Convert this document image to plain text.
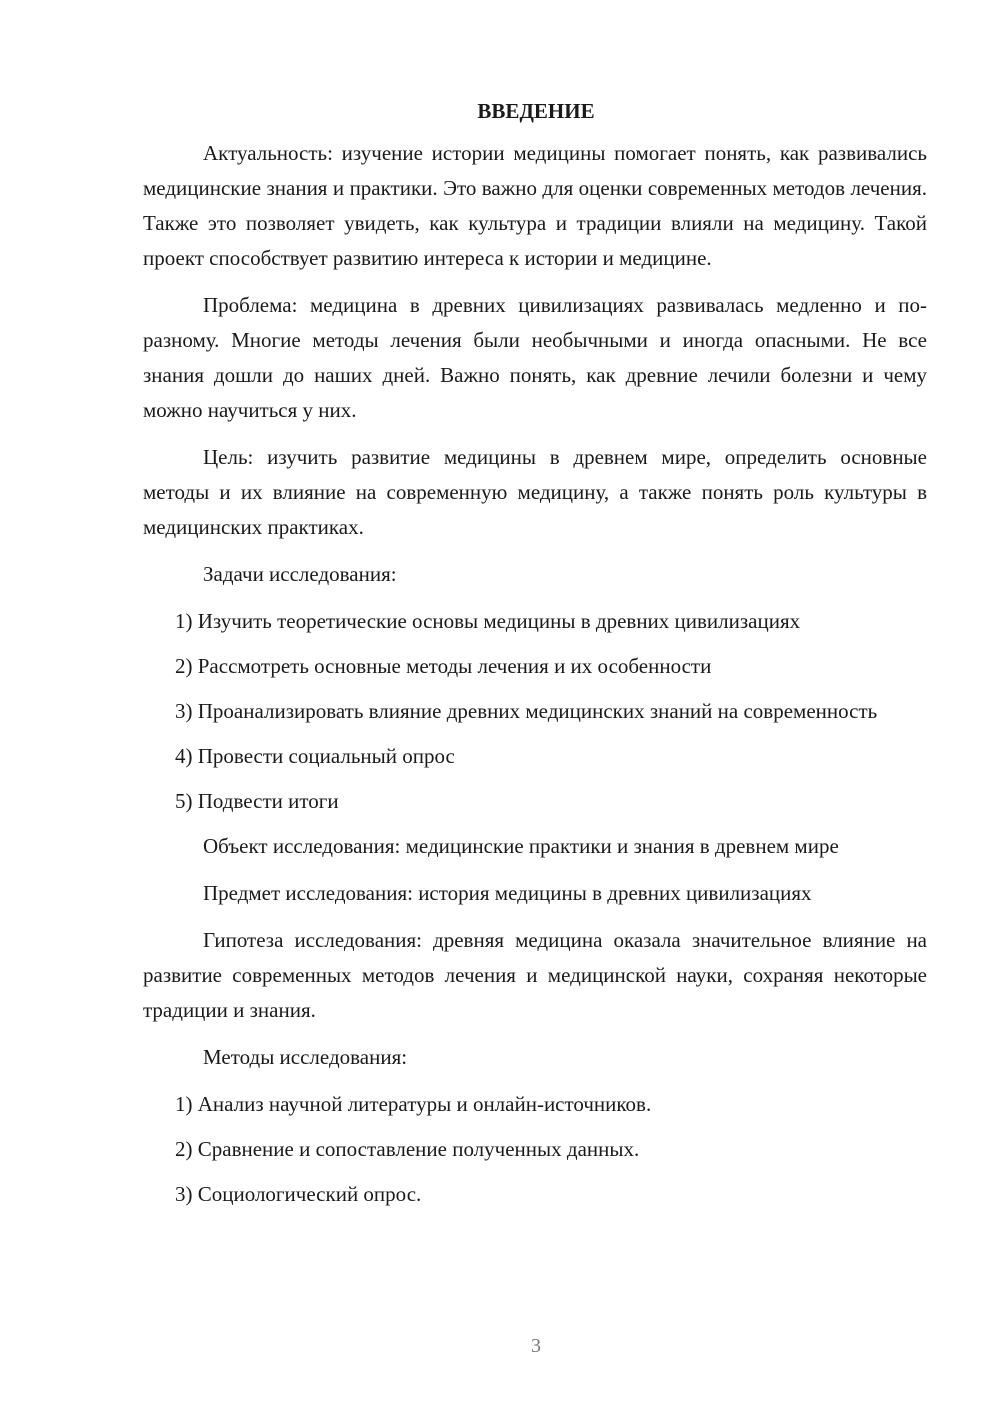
ВВЕДЕНИЕ

Актуальность: изучение истории медицины помогает понять, как развивались медицинские знания и практики. Это важно для оценки современных методов лечения. Также это позволяет увидеть, как культура и традиции влияли на медицину. Такой проект способствует развитию интереса к истории и медицине.

Проблема: медицина в древних цивилизациях развивалась медленно и по-разному. Многие методы лечения были необычными и иногда опасными. Не все знания дошли до наших дней. Важно понять, как древние лечили болезни и чему можно научиться у них.

Цель: изучить развитие медицины в древнем мире, определить основные методы и их влияние на современную медицину, а также понять роль культуры в медицинских практиках.

Задачи исследования:

1) Изучить теоретические основы медицины в древних цивилизациях

2) Рассмотреть основные методы лечения и их особенности

3) Проанализировать влияние древних медицинских знаний на современность

4) Провести социальный опрос

5) Подвести итоги

Объект исследования: медицинские практики и знания в древнем мире

Предмет исследования: история медицины в древних цивилизациях

Гипотеза исследования: древняя медицина оказала значительное влияние на развитие современных методов лечения и медицинской науки, сохраняя некоторые традиции и знания.

Методы исследования:

1) Анализ научной литературы и онлайн-источников.

2) Сравнение и сопоставление полученных данных.

3) Социологический опрос.

3
